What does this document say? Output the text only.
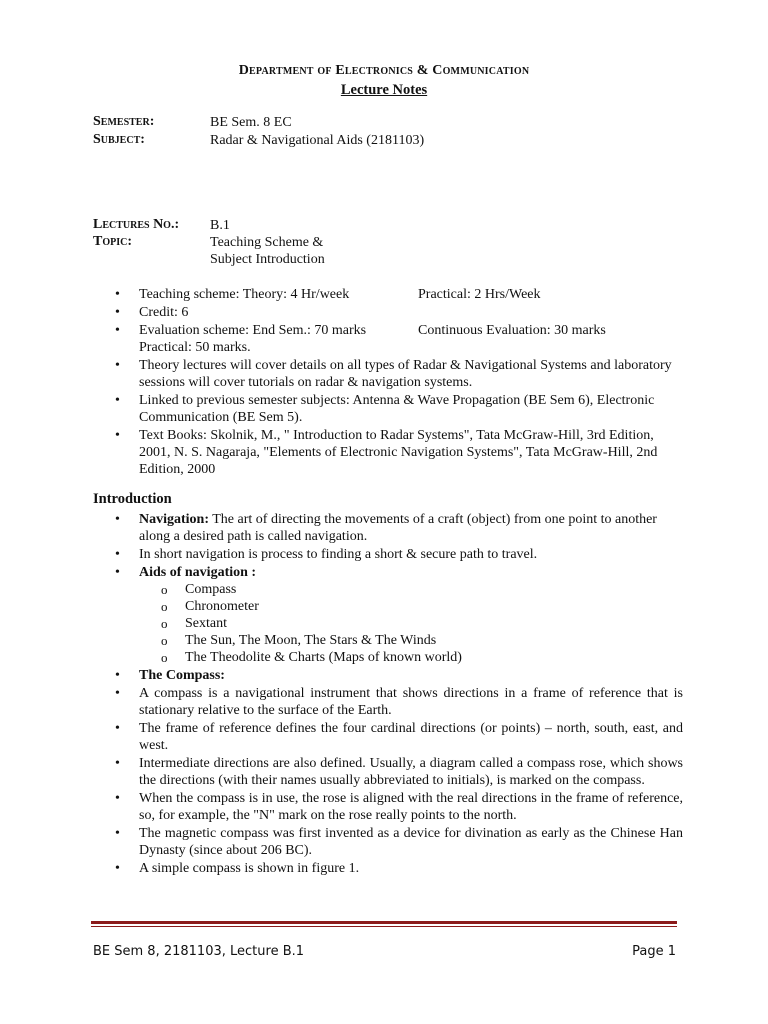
Department of Electronics & Communication
Lecture Notes
Semester:	BE Sem. 8 EC
Subject:	Radar & Navigational Aids (2181103)
Lectures No.:	B.1
Topic:	Teaching Scheme &
Subject Introduction
• Teaching scheme: Theory: 4 Hr/week	Practical: 2 Hrs/Week
• Credit: 6
• Evaluation scheme: End Sem.: 70 marks	Continuous Evaluation: 30 marks
Practical: 50 marks.
• Theory lectures will cover details on all types of Radar & Navigational Systems and laboratory sessions will cover tutorials on radar & navigation systems.
• Linked to previous semester subjects: Antenna & Wave Propagation (BE Sem 6), Electronic Communication (BE Sem 5).
• Text Books: Skolnik, M., " Introduction to Radar Systems", Tata McGraw-Hill, 3rd Edition, 2001, N. S. Nagaraja, "Elements of Electronic Navigation Systems", Tata McGraw-Hill, 2nd Edition, 2000
Introduction
• Navigation: The art of directing the movements of a craft (object) from one point to another along a desired path is called navigation.
• In short navigation is process to finding a short & secure path to travel.
• Aids of navigation :
o Compass
o Chronometer
o Sextant
o The Sun, The Moon, The Stars & The Winds
o The Theodolite & Charts (Maps of known world)
• The Compass:
• A compass is a navigational instrument that shows directions in a frame of reference that is stationary relative to the surface of the Earth.
• The frame of reference defines the four cardinal directions (or points) – north, south, east, and west.
• Intermediate directions are also defined. Usually, a diagram called a compass rose, which shows the directions (with their names usually abbreviated to initials), is marked on the compass.
• When the compass is in use, the rose is aligned with the real directions in the frame of reference, so, for example, the "N" mark on the rose really points to the north.
• The magnetic compass was first invented as a device for divination as early as the Chinese Han Dynasty (since about 206 BC).
• A simple compass is shown in figure 1.
BE Sem 8, 2181103, Lecture B.1	Page 1
